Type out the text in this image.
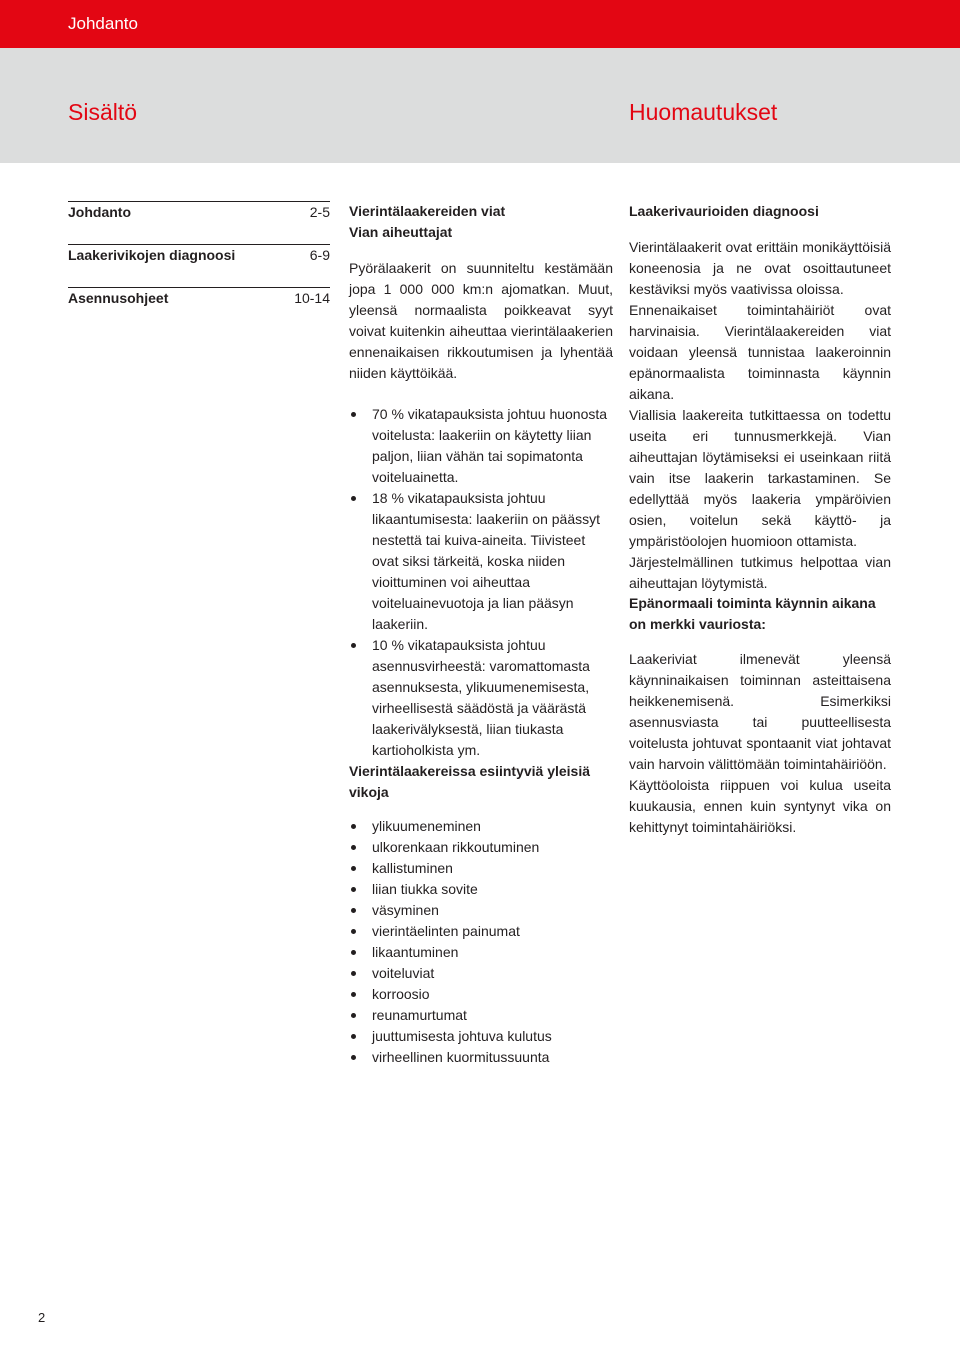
Johdanto
Sisältö	Huomautukset
Johdanto	2-5
Laakerivikojen diagnoosi	6-9
Asennusohjeet	10-14
Vierintälaakereiden viat
Vian aiheuttajat

Pyörälaakerit on suunniteltu kestämään jopa 1 000 000 km:n ajomatkan. Muut, yleensä normaalista poikkeavat syyt voivat kuitenkin aiheuttaa vierintälaakerien ennenaikaisen rikkoutumisen ja lyhentää niiden käyttöikää.

70 % vikatapauksista johtuu huonosta voitelusta: laakeriin on käytetty liian paljon, liian vähän tai sopimatonta voiteluainetta.
18 % vikatapauksista johtuu likaantumisesta: laakeriin on päässyt nestettä tai kuiva-aineita. Tiivisteet ovat siksi tärkeitä, koska niiden vioittuminen voi aiheuttaa voiteluainevuotoja ja lian pääsyn laakeriin.
10 % vikatapauksista johtuu asennusvirheestä: varomattomasta asennuksesta, ylikuumenemisesta, virheellisestä säädöstä ja väärästä laakerivälyksestä, liian tiukasta kartioholkista ym.
Vierintälaakereissa esiintyviä yleisiä vikoja
ylikuumeneminen
ulkorenkaan rikkoutuminen
kallistuminen
liian tiukka sovite
väsyminen
vierintäelinten painumat
likaantuminen
voiteluviat
korroosio
reunamurtumat
juuttumisesta johtuva kulutus
virheellinen kuormitussuunta
Laakerivaurioiden diagnoosi

Vierintälaakerit ovat erittäin monikäyttöisiä koneenosia ja ne ovat osoittautuneet kestäviksi myös vaativissa oloissa.

Ennenaikaiset toimintahäiriöt ovat harvinaisia. Vierintälaakereiden viat voidaan yleensä tunnistaa laakeroinnin epänormaalista toiminnasta käynnin aikana.

Viallisia laakereita tutkittaessa on todettu useita eri tunnusmerkkejä. Vian aiheuttajan löytämiseksi ei useinkaan riitä vain itse laakerin tarkastaminen. Se edellyttää myös laakeria ympäröivien osien, voitelun sekä käyttö- ja ympäristöolojen huomioon ottamista.

Järjestelmällinen tutkimus helpottaa vian aiheuttajan löytymistä.

Epänormaali toiminta käynnin aikana on merkki vauriosta:

Laakeriviat ilmenevät yleensä käynninaikaisen toiminnan asteittaisena heikkenemisenä. Esimerkiksi asennusviasta tai puutteellisesta voitelusta johtuvat spontaanit viat johtavat vain harvoin välittömään toimintahäiriöön.

Käyttöoloista riippuen voi kulua useita kuukausia, ennen kuin syntynyt vika on kehittynyt toimintahäiriöksi.

2
